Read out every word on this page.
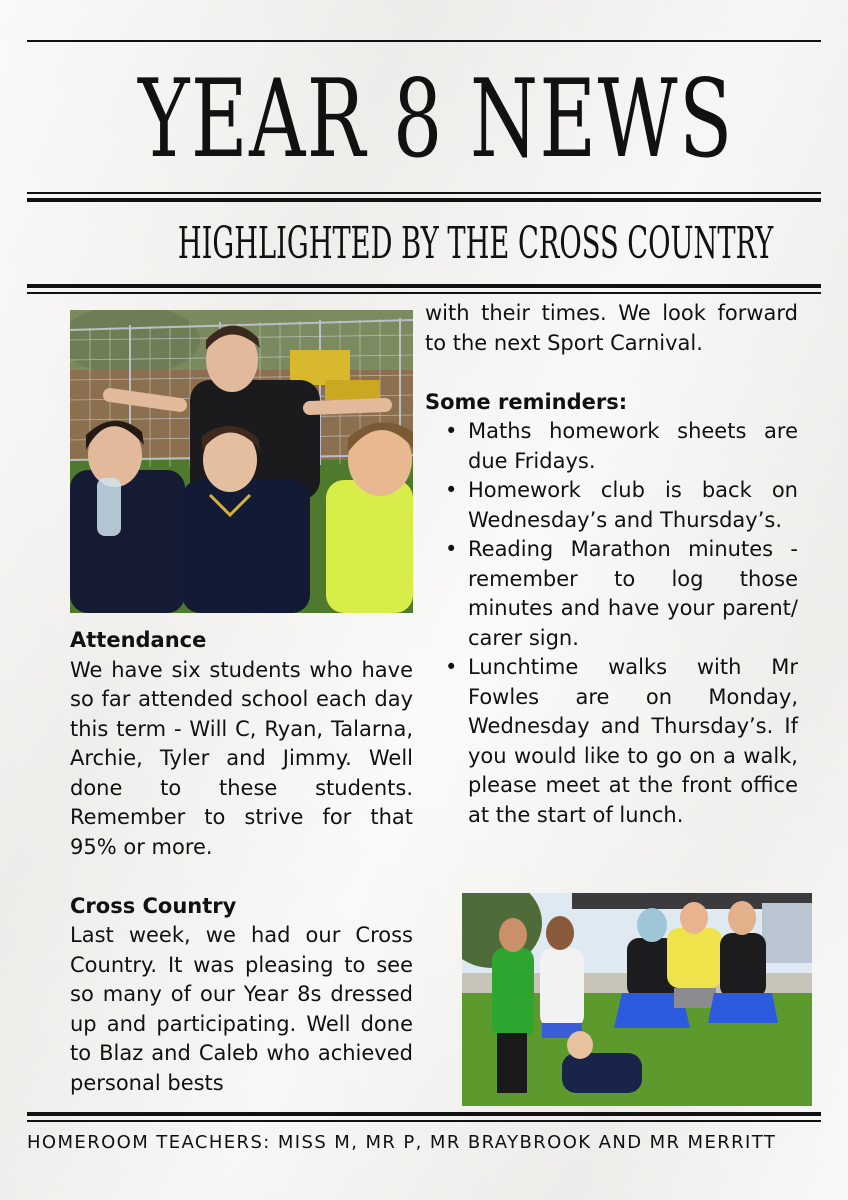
YEAR 8 NEWS
HIGHLIGHTED BY THE CROSS COUNTRY
Attendance

We have six students who have so far attended school each day this term - Will C, Ryan, Talarna, Archie, Tyler and Jimmy. Well done to these students. Remember to strive for that 95% or more.

Cross Country

Last week, we had our Cross Country. It was pleasing to see so many of our Year 8s dressed up and participating. Well done to Blaz and Caleb who achieved personal bests

with their times. We look forward to the next Sport Carnival.

Some reminders:
• Maths homework sheets are due Fridays.
• Homework club is back on Wednesday’s and Thursday’s.
• Reading Marathon minutes - remember to log those minutes and have your parent/ carer sign.
• Lunchtime walks with Mr Fowles are on Monday, Wednesday and Thursday’s. If you would like to go on a walk, please meet at the front office at the start of lunch.
HOMEROOM TEACHERS: MISS M, MR P, MR BRAYBROOK AND MR MERRITT
